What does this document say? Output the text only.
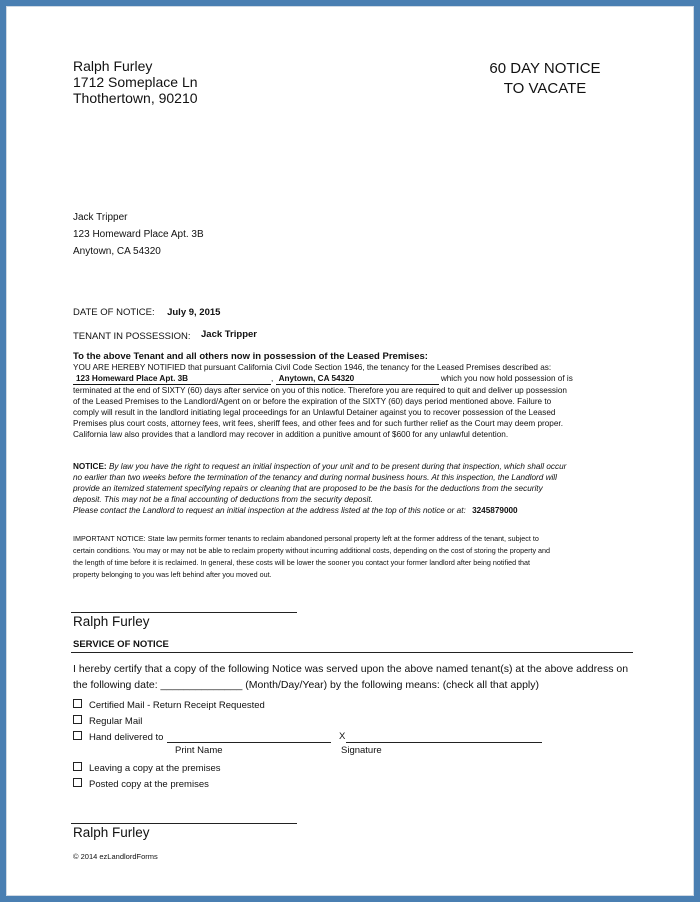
Ralph Furley
1712 Someplace Ln
Thothertown, 90210
60 DAY NOTICE
TO VACATE
Jack Tripper
123 Homeward Place Apt. 3B
Anytown, CA 54320
DATE OF NOTICE: July 9, 2015
TENANT IN POSSESSION: Jack Tripper
To the above Tenant and all others now in possession of the Leased Premises:
YOU ARE HEREBY NOTIFIED that pursuant California Civil Code Section 1946, the tenancy for the Leased Premises described as:
123 Homeward Place Apt. 3B	, Anytown, CA 54320	which you now hold possession of is
terminated at the end of SIXTY (60) days after service on you of this notice. Therefore you are required to quit and deliver up possession
of the Leased Premises to the Landlord/Agent on or before the expiration of the SIXTY (60) days period mentioned above. Failure to
comply will result in the landlord initiating legal proceedings for an Unlawful Detainer against you to recover possession of the Leased
Premises plus court costs, attorney fees, writ fees, sheriff fees, and other fees and for such further relief as the Court may deem proper.
California law also provides that a landlord may recover in addition a punitive amount of $600 for any unlawful detention.
NOTICE: By law you have the right to request an initial inspection of your unit and to be present during that inspection, which shall occur
no earlier than two weeks before the termination of the tenancy and during normal business hours. At this inspection, the Landlord will
provide an itemized statement specifying repairs or cleaning that are proposed to be the basis for the deductions from the security
deposit. This may not be a final accounting of deductions from the security deposit.
Please contact the Landlord to request an initial inspection at the address listed at the top of this notice or at: 3245879000
IMPORTANT NOTICE: State law permits former tenants to reclaim abandoned personal property left at the former address of the tenant, subject to
certain conditions. You may or may not be able to reclaim property without incurring additional costs, depending on the cost of storing the property and
the length of time before it is reclaimed. In general, these costs will be lower the sooner you contact your former landlord after being notified that
property belonging to you was left behind after you moved out.
Ralph Furley
SERVICE OF NOTICE
I hereby certify that a copy of the following Notice was served upon the above named tenant(s) at the above address on
the following date: ______________ (Month/Day/Year) by the following means: (check all that apply)
Certified Mail - Return Receipt Requested
Regular Mail
Hand delivered to	X
Print Name	Signature
Leaving a copy at the premises
Posted copy at the premises
Ralph Furley
© 2014 ezLandlordForms
